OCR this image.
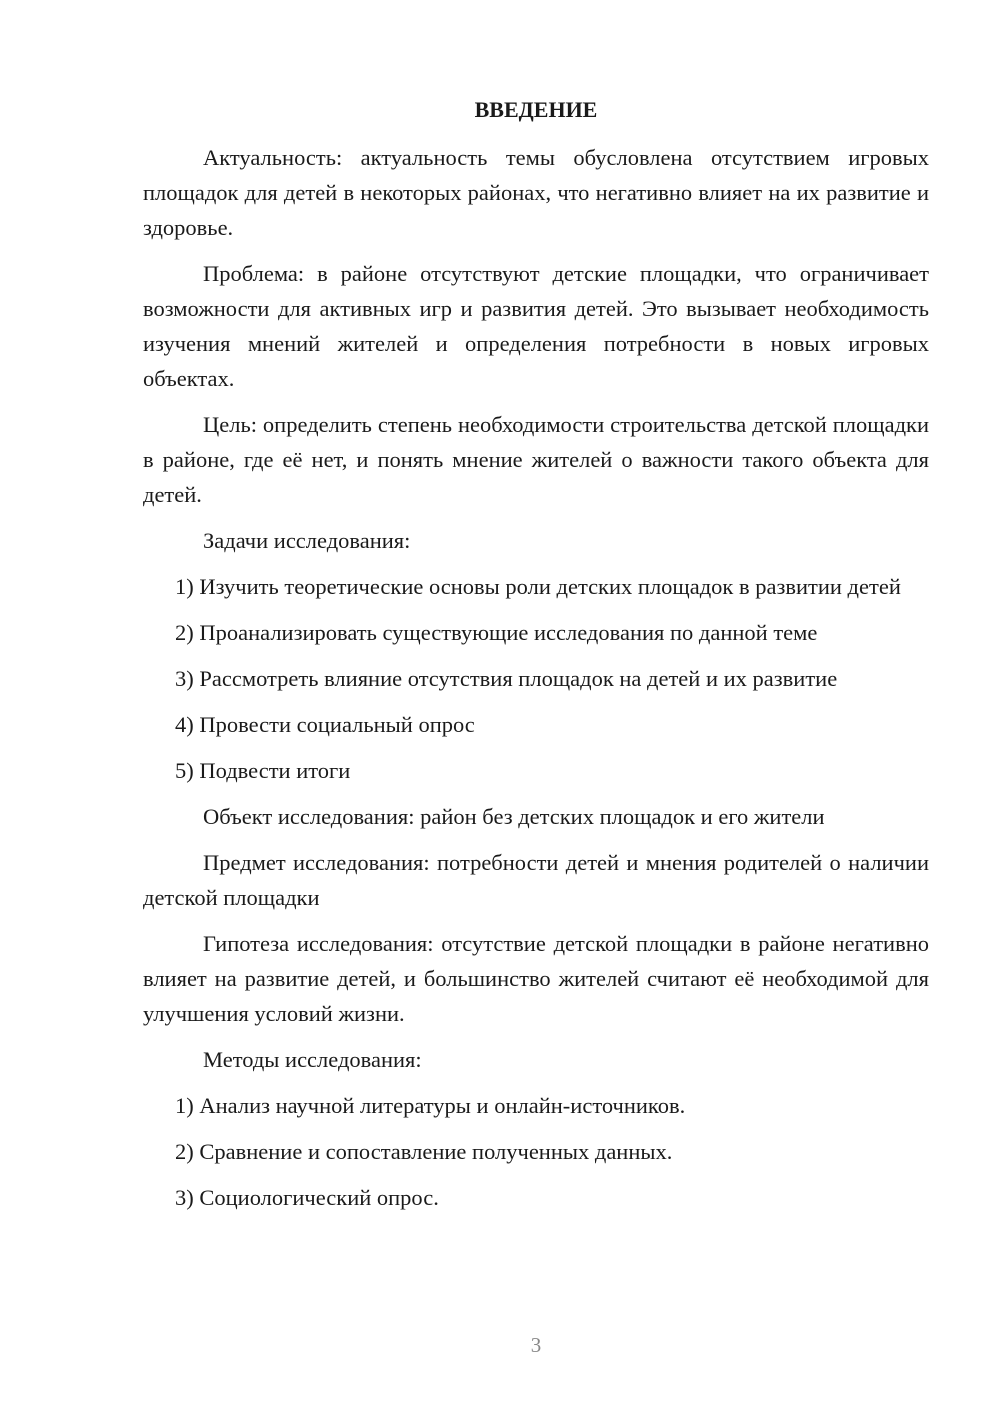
ВВЕДЕНИЕ
Актуальность: актуальность темы обусловлена отсутствием игровых площадок для детей в некоторых районах, что негативно влияет на их развитие и здоровье.
Проблема: в районе отсутствуют детские площадки, что ограничивает возможности для активных игр и развития детей. Это вызывает необходимость изучения мнений жителей и определения потребности в новых игровых объектах.
Цель: определить степень необходимости строительства детской площадки в районе, где её нет, и понять мнение жителей о важности такого объекта для детей.
Задачи исследования:
1) Изучить теоретические основы роли детских площадок в развитии детей
2) Проанализировать существующие исследования по данной теме
3) Рассмотреть влияние отсутствия площадок на детей и их развитие
4) Провести социальный опрос
5) Подвести итоги
Объект исследования: район без детских площадок и его жители
Предмет исследования: потребности детей и мнения родителей о наличии детской площадки
Гипотеза исследования: отсутствие детской площадки в районе негативно влияет на развитие детей, и большинство жителей считают её необходимой для улучшения условий жизни.
Методы исследования:
1) Анализ научной литературы и онлайн-источников.
2) Сравнение и сопоставление полученных данных.
3) Социологический опрос.
3
